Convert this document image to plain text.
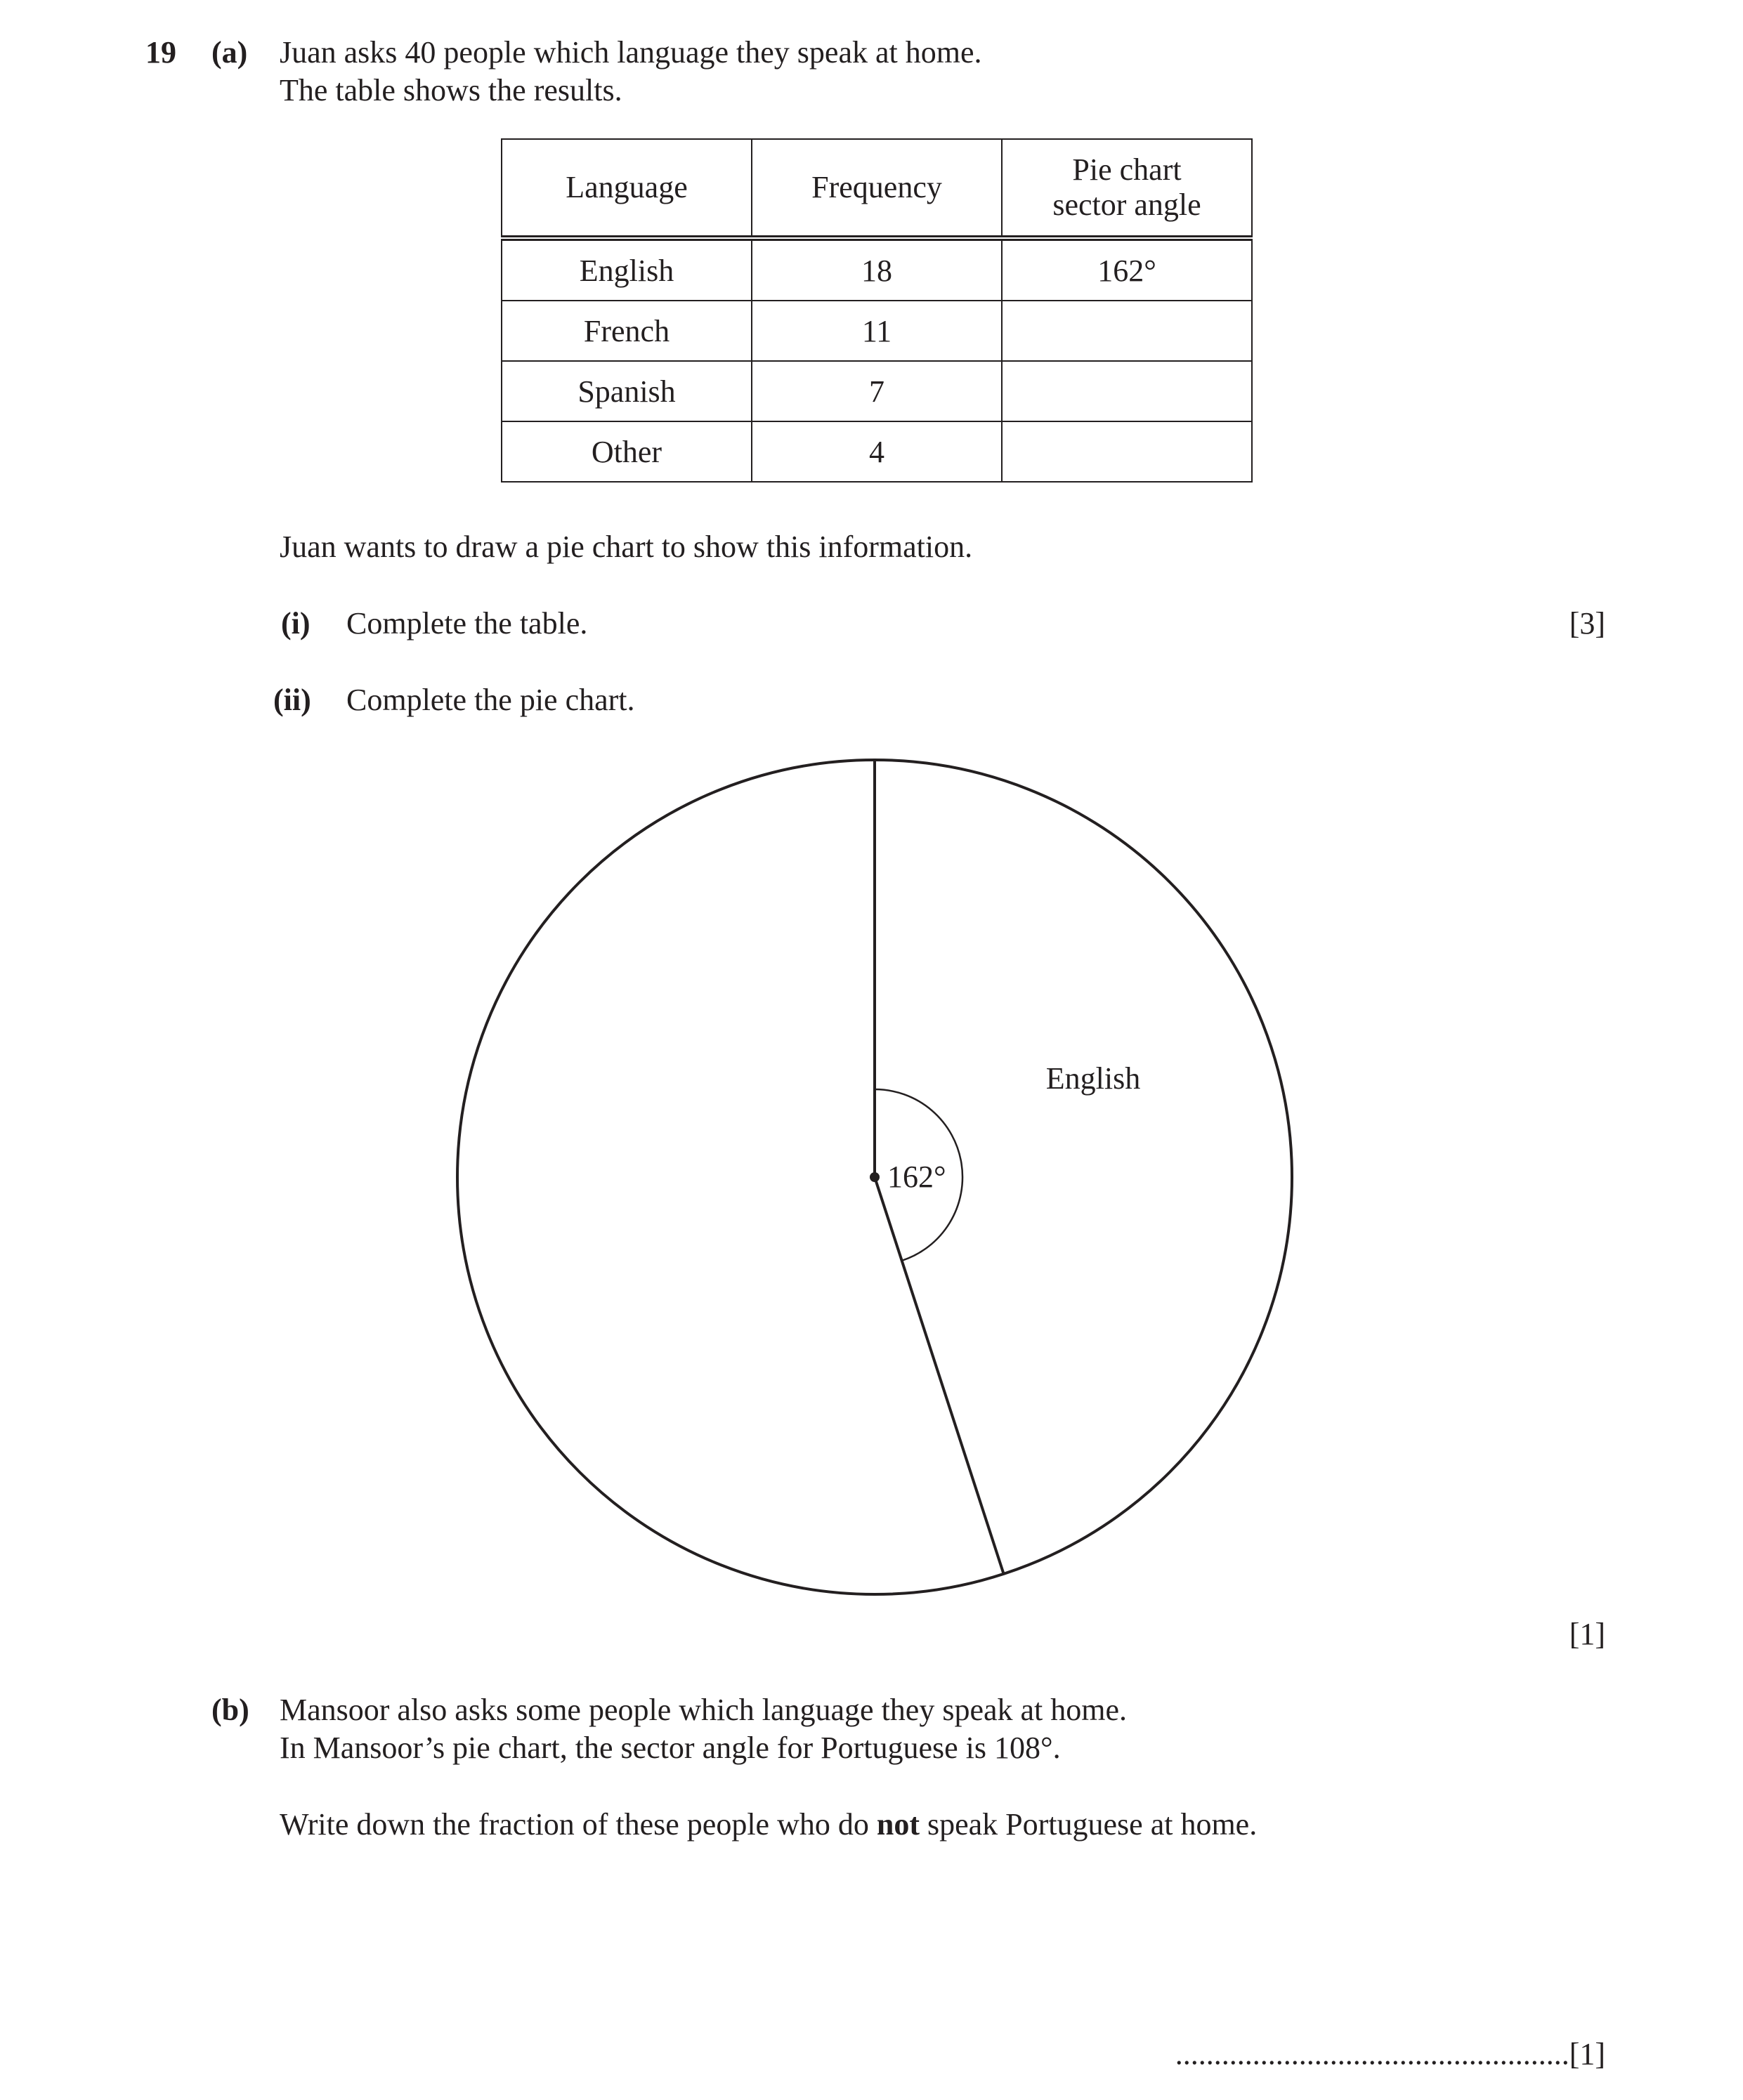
19 (a) Juan asks 40 people which language they speak at home.
The table shows the results.
Language	Frequency	Pie chart sector angle
English	18	162°
French	11	
Spanish	7	
Other	4	
Juan wants to draw a pie chart to show this information.
(i) Complete the table.	[3]
(ii) Complete the pie chart.
English
162°
[1]
(b) Mansoor also asks some people which language they speak at home.
In Mansoor’s pie chart, the sector angle for Portuguese is 108°.
Write down the fraction of these people who do not speak Portuguese at home.
...................................................[1]
